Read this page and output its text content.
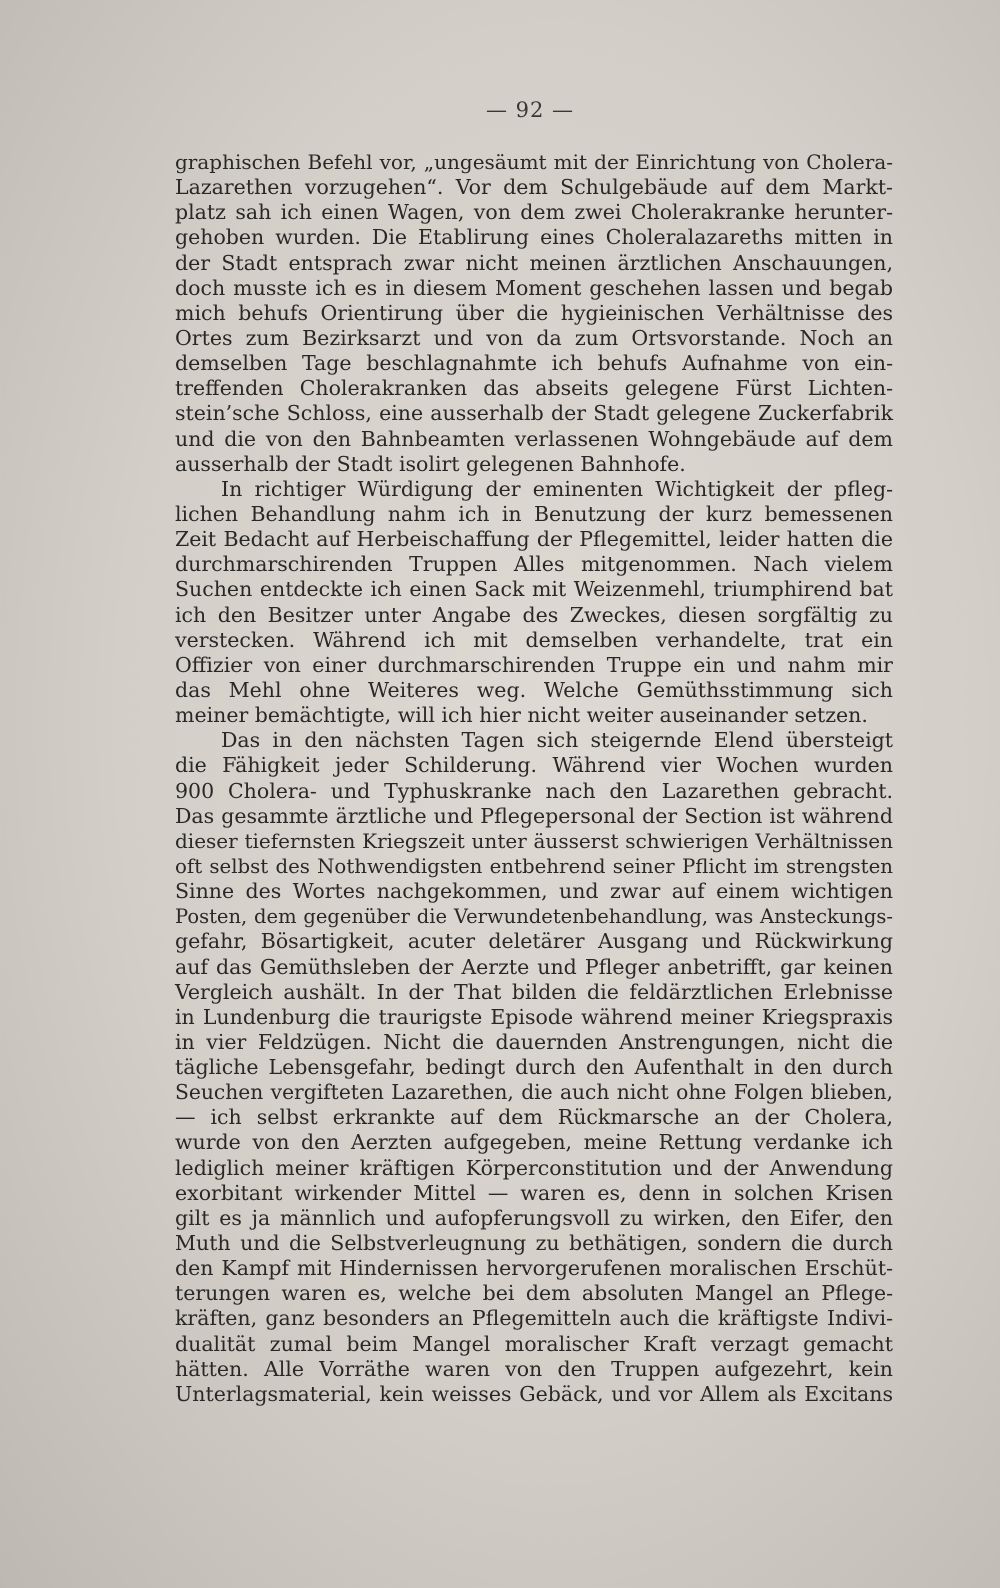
— 92 —
graphischen Befehl vor, „ungesäumt mit der Einrichtung von Cholera-
Lazarethen vorzugehen“. Vor dem Schulgebäude auf dem Markt-
platz sah ich einen Wagen, von dem zwei Cholerakranke herunter-
gehoben wurden. Die Etablirung eines Choleralazareths mitten in
der Stadt entsprach zwar nicht meinen ärztlichen Anschauungen,
doch musste ich es in diesem Moment geschehen lassen und begab
mich behufs Orientirung über die hygieinischen Verhältnisse des
Ortes zum Bezirksarzt und von da zum Ortsvorstande. Noch an
demselben Tage beschlagnahmte ich behufs Aufnahme von ein-
treffenden Cholerakranken das abseits gelegene Fürst Lichten-
stein’sche Schloss, eine ausserhalb der Stadt gelegene Zuckerfabrik
und die von den Bahnbeamten verlassenen Wohngebäude auf dem
ausserhalb der Stadt isolirt gelegenen Bahnhofe.
In richtiger Würdigung der eminenten Wichtigkeit der pfleg-
lichen Behandlung nahm ich in Benutzung der kurz bemessenen
Zeit Bedacht auf Herbeischaffung der Pflegemittel, leider hatten die
durchmarschirenden Truppen Alles mitgenommen. Nach vielem
Suchen entdeckte ich einen Sack mit Weizenmehl, triumphirend bat
ich den Besitzer unter Angabe des Zweckes, diesen sorgfältig zu
verstecken. Während ich mit demselben verhandelte, trat ein
Offizier von einer durchmarschirenden Truppe ein und nahm mir
das Mehl ohne Weiteres weg. Welche Gemüthsstimmung sich
meiner bemächtigte, will ich hier nicht weiter auseinander setzen.
Das in den nächsten Tagen sich steigernde Elend übersteigt
die Fähigkeit jeder Schilderung. Während vier Wochen wurden
900 Cholera- und Typhuskranke nach den Lazarethen gebracht.
Das gesammte ärztliche und Pflegepersonal der Section ist während
dieser tiefernsten Kriegszeit unter äusserst schwierigen Verhältnissen
oft selbst des Nothwendigsten entbehrend seiner Pflicht im strengsten
Sinne des Wortes nachgekommen, und zwar auf einem wichtigen
Posten, dem gegenüber die Verwundetenbehandlung, was Ansteckungs-
gefahr, Bösartigkeit, acuter deletärer Ausgang und Rückwirkung
auf das Gemüthsleben der Aerzte und Pfleger anbetrifft, gar keinen
Vergleich aushält. In der That bilden die feldärztlichen Erlebnisse
in Lundenburg die traurigste Episode während meiner Kriegspraxis
in vier Feldzügen. Nicht die dauernden Anstrengungen, nicht die
tägliche Lebensgefahr, bedingt durch den Aufenthalt in den durch
Seuchen vergifteten Lazarethen, die auch nicht ohne Folgen blieben,
— ich selbst erkrankte auf dem Rückmarsche an der Cholera,
wurde von den Aerzten aufgegeben, meine Rettung verdanke ich
lediglich meiner kräftigen Körperconstitution und der Anwendung
exorbitant wirkender Mittel — waren es, denn in solchen Krisen
gilt es ja männlich und aufopferungsvoll zu wirken, den Eifer, den
Muth und die Selbstverleugnung zu bethätigen, sondern die durch
den Kampf mit Hindernissen hervorgerufenen moralischen Erschüt-
terungen waren es, welche bei dem absoluten Mangel an Pflege-
kräften, ganz besonders an Pflegemitteln auch die kräftigste Indivi-
dualität zumal beim Mangel moralischer Kraft verzagt gemacht
hätten. Alle Vorräthe waren von den Truppen aufgezehrt, kein
Unterlagsmaterial, kein weisses Gebäck, und vor Allem als Excitans
